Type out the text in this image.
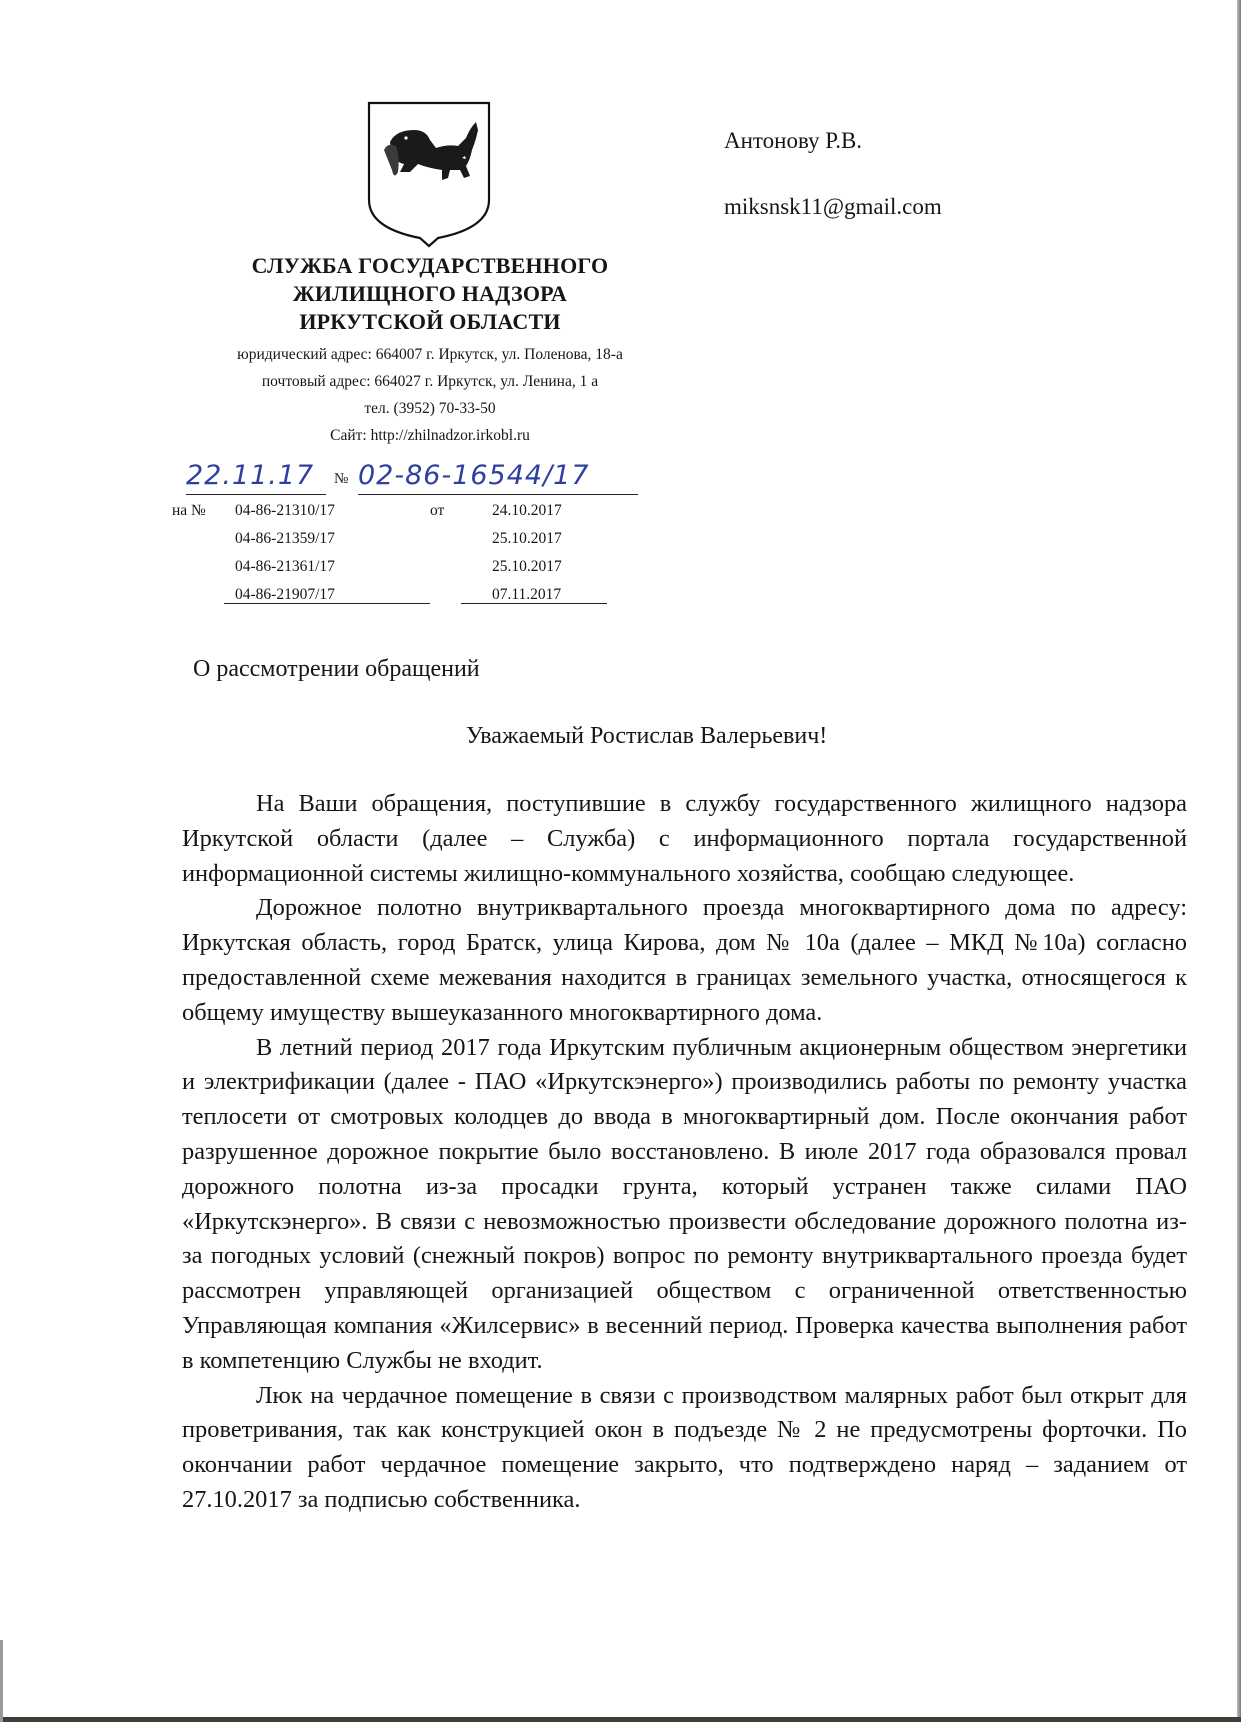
СЛУЖБА ГОСУДАРСТВЕННОГО
ЖИЛИЩНОГО НАДЗОРА
ИРКУТСКОЙ ОБЛАСТИ
юридический адрес: 664007 г. Иркутск, ул. Поленова, 18-а
почтовый адрес: 664027 г. Иркутск, ул. Ленина, 1 а
тел. (3952) 70-33-50
Сайт: http://zhilnadzor.irkobl.ru
Антонову Р.В.
miksnsk11@gmail.com
22.11.17	№ 02-86-16544/17
на № 04-86-21310/17	от	24.10.2017
04-86-21359/17	25.10.2017
04-86-21361/17	25.10.2017
04-86-21907/17	07.11.2017
О рассмотрении обращений
Уважаемый Ростислав Валерьевич!

На Ваши обращения, поступившие в службу государственного жилищного надзора Иркутской области (далее – Служба) с информационного портала государственной информационной системы жилищно-коммунального хозяйства, сообщаю следующее.

Дорожное полотно внутриквартального проезда многоквартирного дома по адресу: Иркутская область, город Братск, улица Кирова, дом № 10а (далее – МКД №10а) согласно предоставленной схеме межевания находится в границах земельного участка, относящегося к общему имуществу вышеуказанного многоквартирного дома.

В летний период 2017 года Иркутским публичным акционерным обществом энергетики и электрификации (далее - ПАО «Иркутскэнерго») производились работы по ремонту участка теплосети от смотровых колодцев до ввода в многоквартирный дом. После окончания работ разрушенное дорожное покрытие было восстановлено. В июле 2017 года образовался провал дорожного полотна из-за просадки грунта, который устранен также силами ПАО «Иркутскэнерго». В связи с невозможностью произвести обследование дорожного полотна из-за погодных условий (снежный покров) вопрос по ремонту внутриквартального проезда будет рассмотрен управляющей организацией обществом с ограниченной ответственностью Управляющая компания «Жилсервис» в весенний период. Проверка качества выполнения работ в компетенцию Службы не входит.

Люк на чердачное помещение в связи с производством малярных работ был открыт для проветривания, так как конструкцией окон в подъезде № 2 не предусмотрены форточки. По окончании работ чердачное помещение закрыто, что подтверждено наряд – заданием от 27.10.2017 за подписью собственника.
